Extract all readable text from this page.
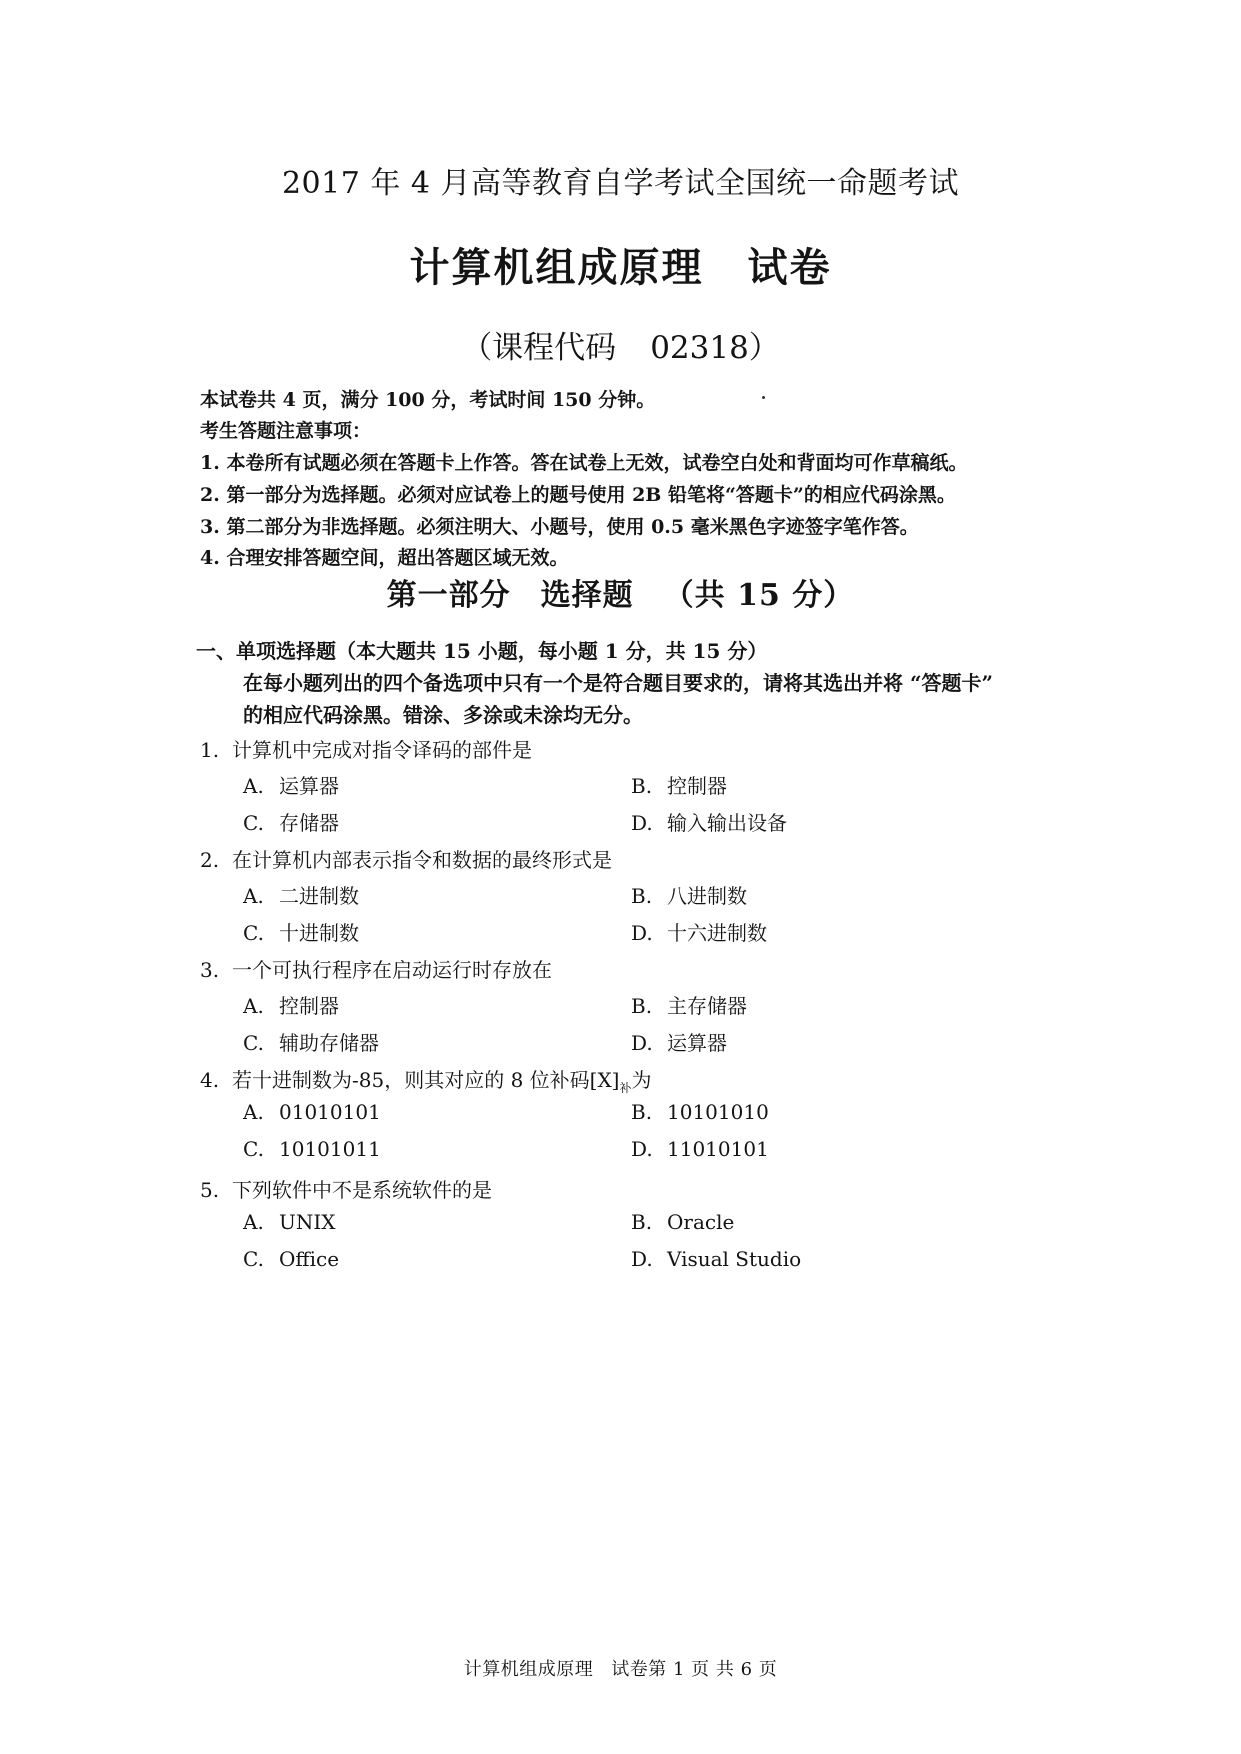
2017 年 4 月高等教育自学考试全国统一命题考试
计算机组成原理 试卷
（课程代码 02318）
本试卷共 4 页，满分 100 分，考试时间 150 分钟。
考生答题注意事项：
1. 本卷所有试题必须在答题卡上作答。答在试卷上无效，试卷空白处和背面均可作草稿纸。
2. 第一部分为选择题。必须对应试卷上的题号使用 2B 铅笔将“答题卡”的相应代码涂黑。
3. 第二部分为非选择题。必须注明大、小题号，使用 0.5 毫米黑色字迹签字笔作答。
4. 合理安排答题空间，超出答题区域无效。
第一部分 选择题 （共 15 分）
一、单项选择题（本大题共 15 小题，每小题 1 分，共 15 分）
在每小题列出的四个备选项中只有一个是符合题目要求的，请将其选出并将 “答题卡”
的相应代码涂黑。错涂、多涂或未涂均无分。
1. 计算机中完成对指令译码的部件是
A. 运算器	B. 控制器
C. 存储器	D. 输入输出设备
2. 在计算机内部表示指令和数据的最终形式是
A. 二进制数	B. 八进制数
C. 十进制数	D. 十六进制数
3. 一个可执行程序在启动运行时存放在
A. 控制器	B. 主存储器
C. 辅助存储器	D. 运算器
4. 若十进制数为-85，则其对应的 8 位补码$[X]_补$为
A. 01010101	B. 10101010
C. 10101011	D. 11010101
5. 下列软件中不是系统软件的是
A. UNIX	B. Oracle
C. Office	D. Visual Studio
计算机组成原理 试卷第 1 页 共 6 页
